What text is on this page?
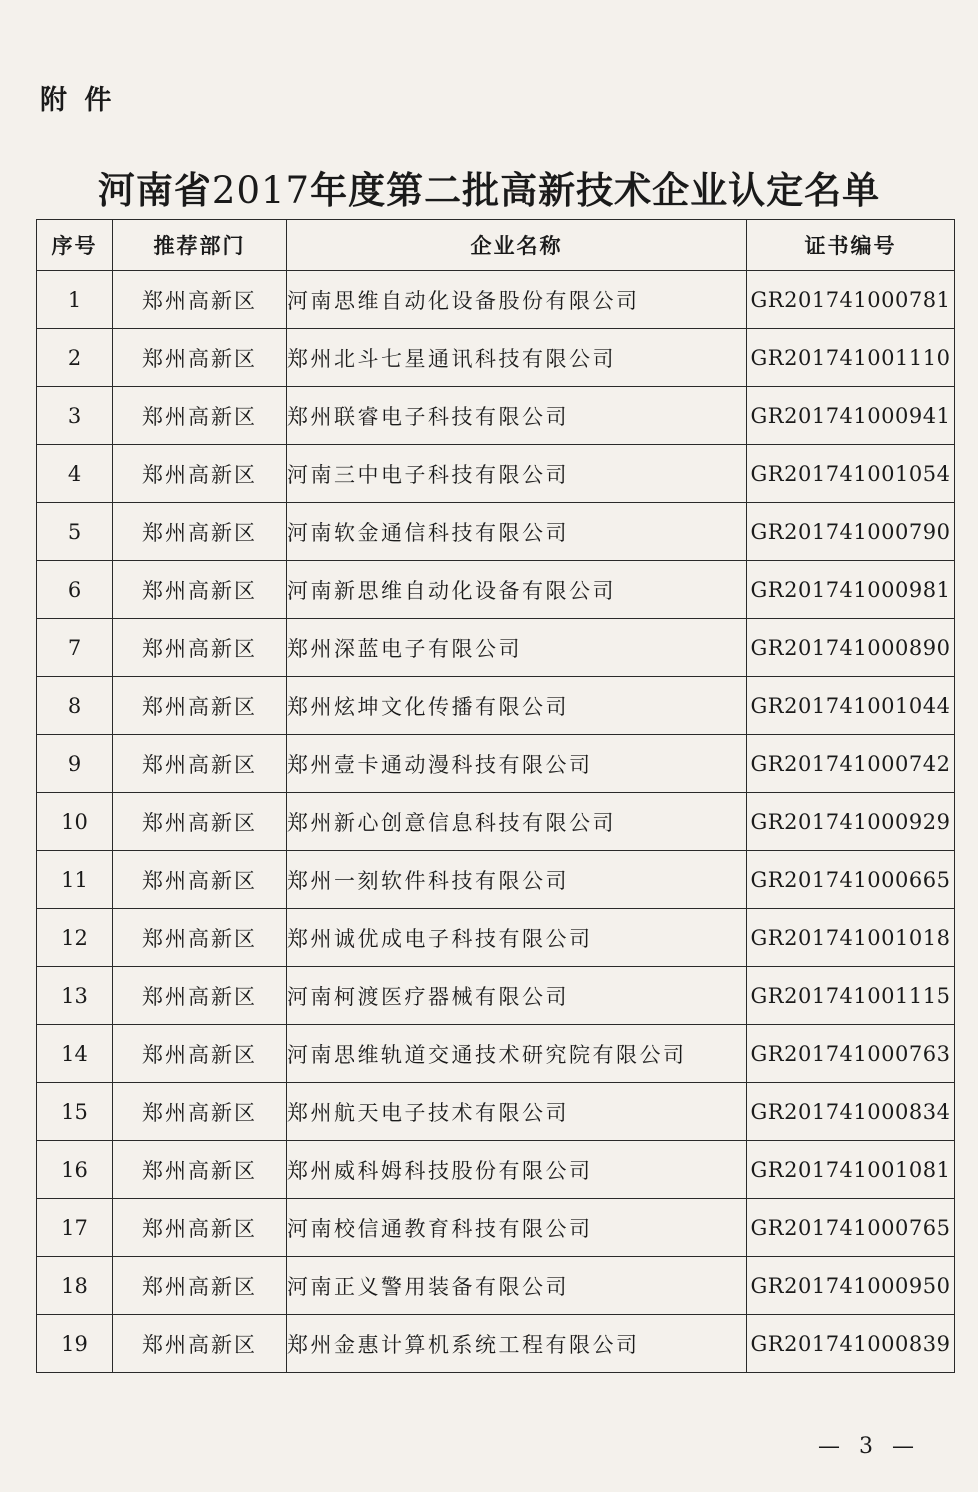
附 件
河南省2017年度第二批高新技术企业认定名单
序号	推荐部门	企业名称	证书编号
1	郑州高新区	河南思维自动化设备股份有限公司	GR201741000781
2	郑州高新区	郑州北斗七星通讯科技有限公司	GR201741001110
3	郑州高新区	郑州联睿电子科技有限公司	GR201741000941
4	郑州高新区	河南三中电子科技有限公司	GR201741001054
5	郑州高新区	河南软金通信科技有限公司	GR201741000790
6	郑州高新区	河南新思维自动化设备有限公司	GR201741000981
7	郑州高新区	郑州深蓝电子有限公司	GR201741000890
8	郑州高新区	郑州炫坤文化传播有限公司	GR201741001044
9	郑州高新区	郑州壹卡通动漫科技有限公司	GR201741000742
10	郑州高新区	郑州新心创意信息科技有限公司	GR201741000929
11	郑州高新区	郑州一刻软件科技有限公司	GR201741000665
12	郑州高新区	郑州诚优成电子科技有限公司	GR201741001018
13	郑州高新区	河南柯渡医疗器械有限公司	GR201741001115
14	郑州高新区	河南思维轨道交通技术研究院有限公司	GR201741000763
15	郑州高新区	郑州航天电子技术有限公司	GR201741000834
16	郑州高新区	郑州威科姆科技股份有限公司	GR201741001081
17	郑州高新区	河南校信通教育科技有限公司	GR201741000765
18	郑州高新区	河南正义警用装备有限公司	GR201741000950
19	郑州高新区	郑州金惠计算机系统工程有限公司	GR201741000839
— 3 —
